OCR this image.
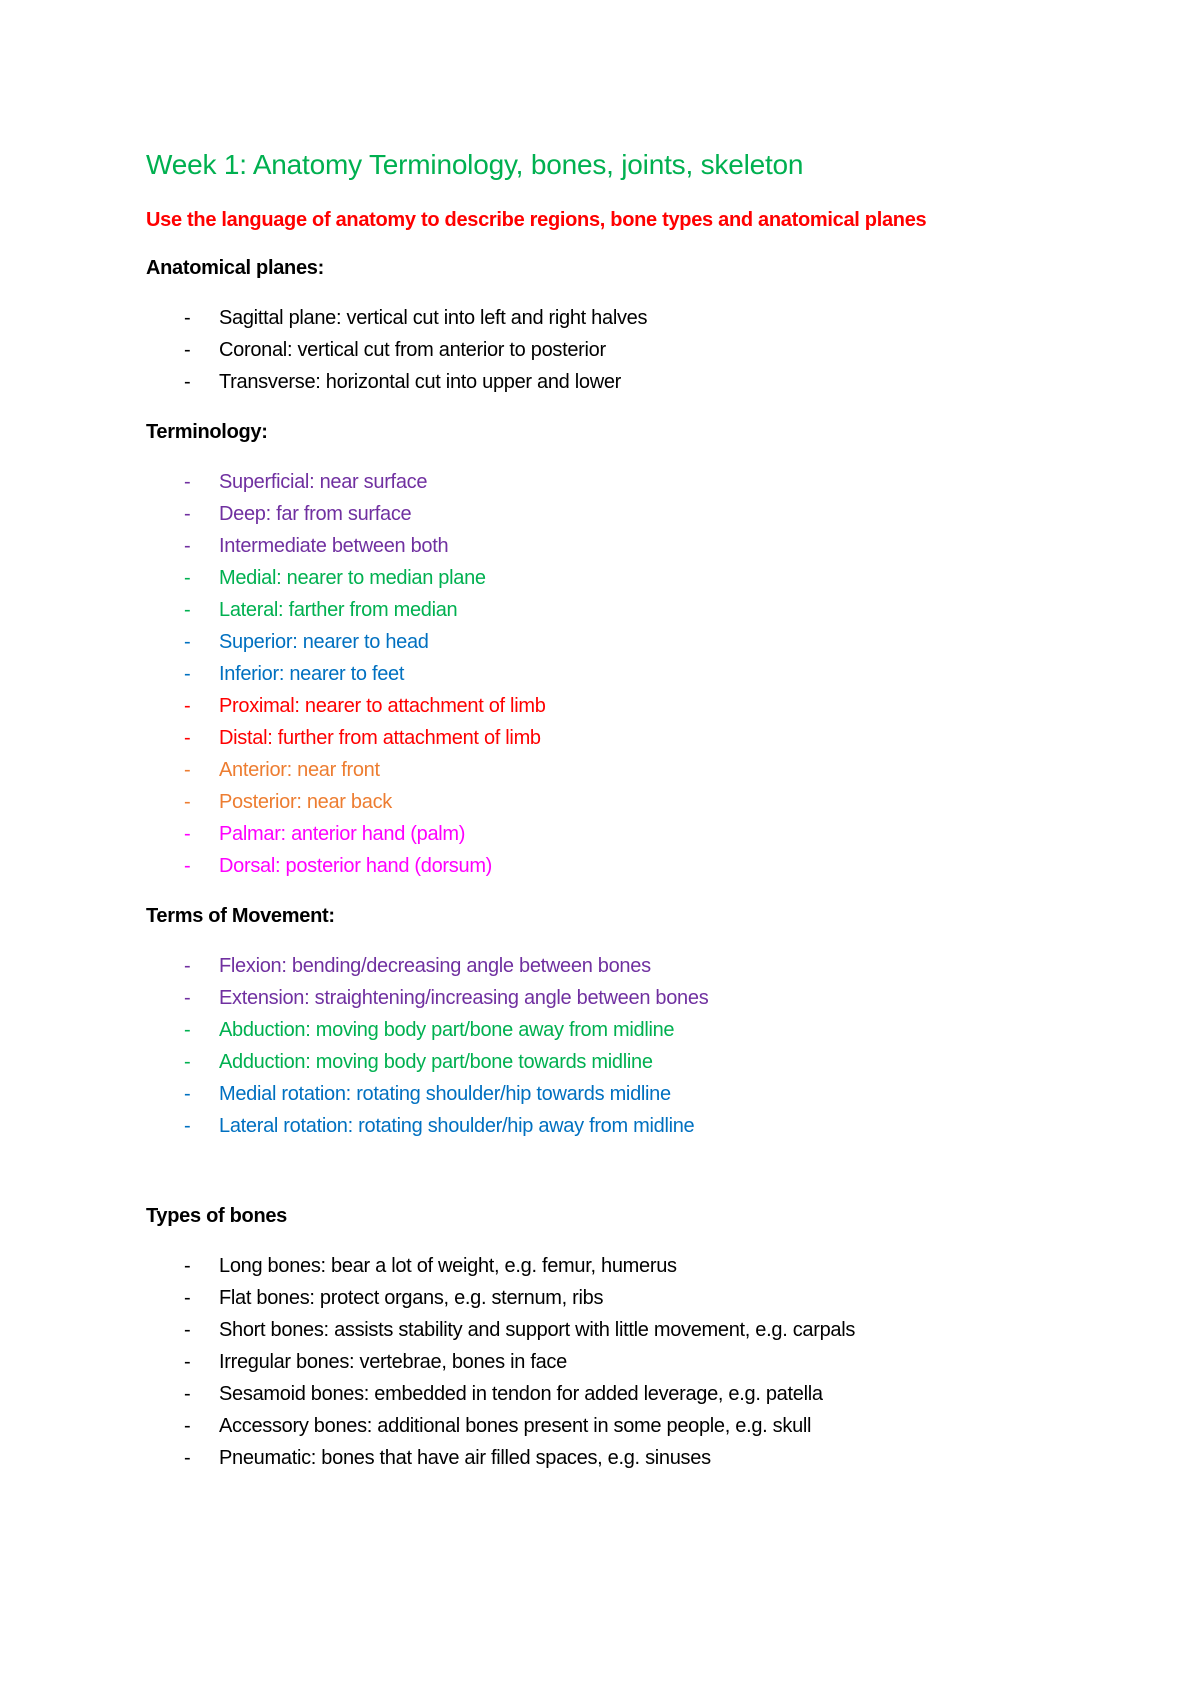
Week 1: Anatomy Terminology, bones, joints, skeleton
Use the language of anatomy to describe regions, bone types and anatomical planes
Anatomical planes:
- Sagittal plane: vertical cut into left and right halves
- Coronal: vertical cut from anterior to posterior
- Transverse: horizontal cut into upper and lower
Terminology:
- Superficial: near surface
- Deep: far from surface
- Intermediate between both
- Medial: nearer to median plane
- Lateral: farther from median
- Superior: nearer to head
- Inferior: nearer to feet
- Proximal: nearer to attachment of limb
- Distal: further from attachment of limb
- Anterior: near front
- Posterior: near back
- Palmar: anterior hand (palm)
- Dorsal: posterior hand (dorsum)
Terms of Movement:
- Flexion: bending/decreasing angle between bones
- Extension: straightening/increasing angle between bones
- Abduction: moving body part/bone away from midline
- Adduction: moving body part/bone towards midline
- Medial rotation: rotating shoulder/hip towards midline
- Lateral rotation: rotating shoulder/hip away from midline
Types of bones
- Long bones: bear a lot of weight, e.g. femur, humerus
- Flat bones: protect organs, e.g. sternum, ribs
- Short bones: assists stability and support with little movement, e.g. carpals
- Irregular bones: vertebrae, bones in face
- Sesamoid bones: embedded in tendon for added leverage, e.g. patella
- Accessory bones: additional bones present in some people, e.g. skull
- Pneumatic: bones that have air filled spaces, e.g. sinuses
